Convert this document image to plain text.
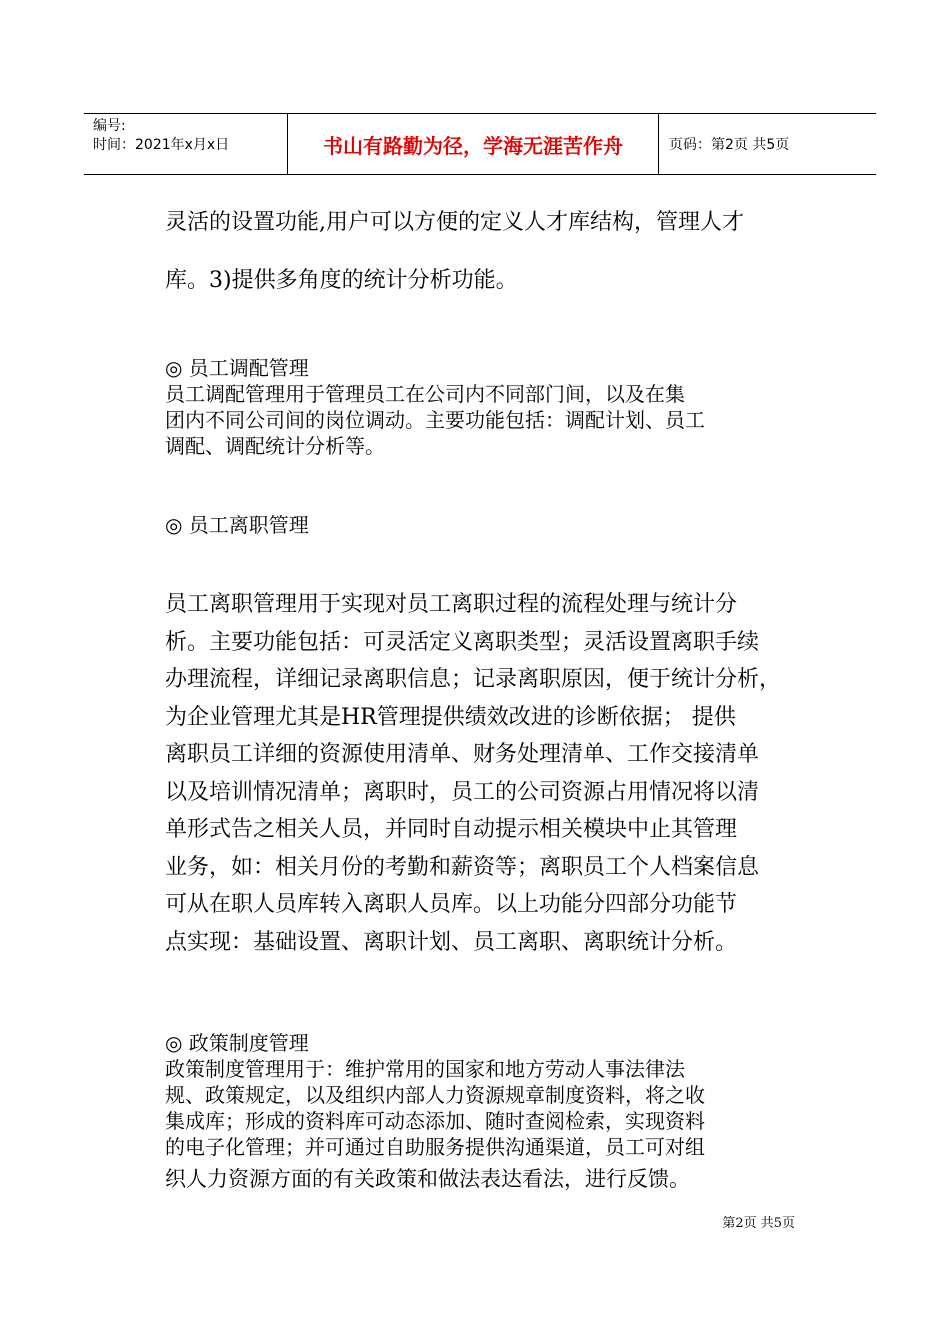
编号:
时间：2021年x月x日	书山有路勤为径，学海无涯苦作舟	页码：第2页 共5页
灵活的设置功能,用户可以方便的定义人才库结构，管理人才
库。3)提供多角度的统计分析功能。
◎ 员工调配管理
员工调配管理用于管理员工在公司内不同部门间，以及在集
团内不同公司间的岗位调动。主要功能包括：调配计划、员工
调配、调配统计分析等。
◎ 员工离职管理
员工离职管理用于实现对员工离职过程的流程处理与统计分
析。主要功能包括：可灵活定义离职类型；灵活设置离职手续
办理流程，详细记录离职信息；记录离职原因，便于统计分析，
为企业管理尤其是HR管理提供绩效改进的诊断依据； 提供
离职员工详细的资源使用清单、财务处理清单、工作交接清单
以及培训情况清单；离职时，员工的公司资源占用情况将以清
单形式告之相关人员，并同时自动提示相关模块中止其管理
业务，如：相关月份的考勤和薪资等；离职员工个人档案信息
可从在职人员库转入离职人员库。以上功能分四部分功能节
点实现：基础设置、离职计划、员工离职、离职统计分析。
◎ 政策制度管理
政策制度管理用于：维护常用的国家和地方劳动人事法律法
规、政策规定，以及组织内部人力资源规章制度资料，将之收
集成库；形成的资料库可动态添加、随时查阅检索，实现资料
的电子化管理；并可通过自助服务提供沟通渠道，员工可对组
织人力资源方面的有关政策和做法表达看法，进行反馈。
第2页 共5页
